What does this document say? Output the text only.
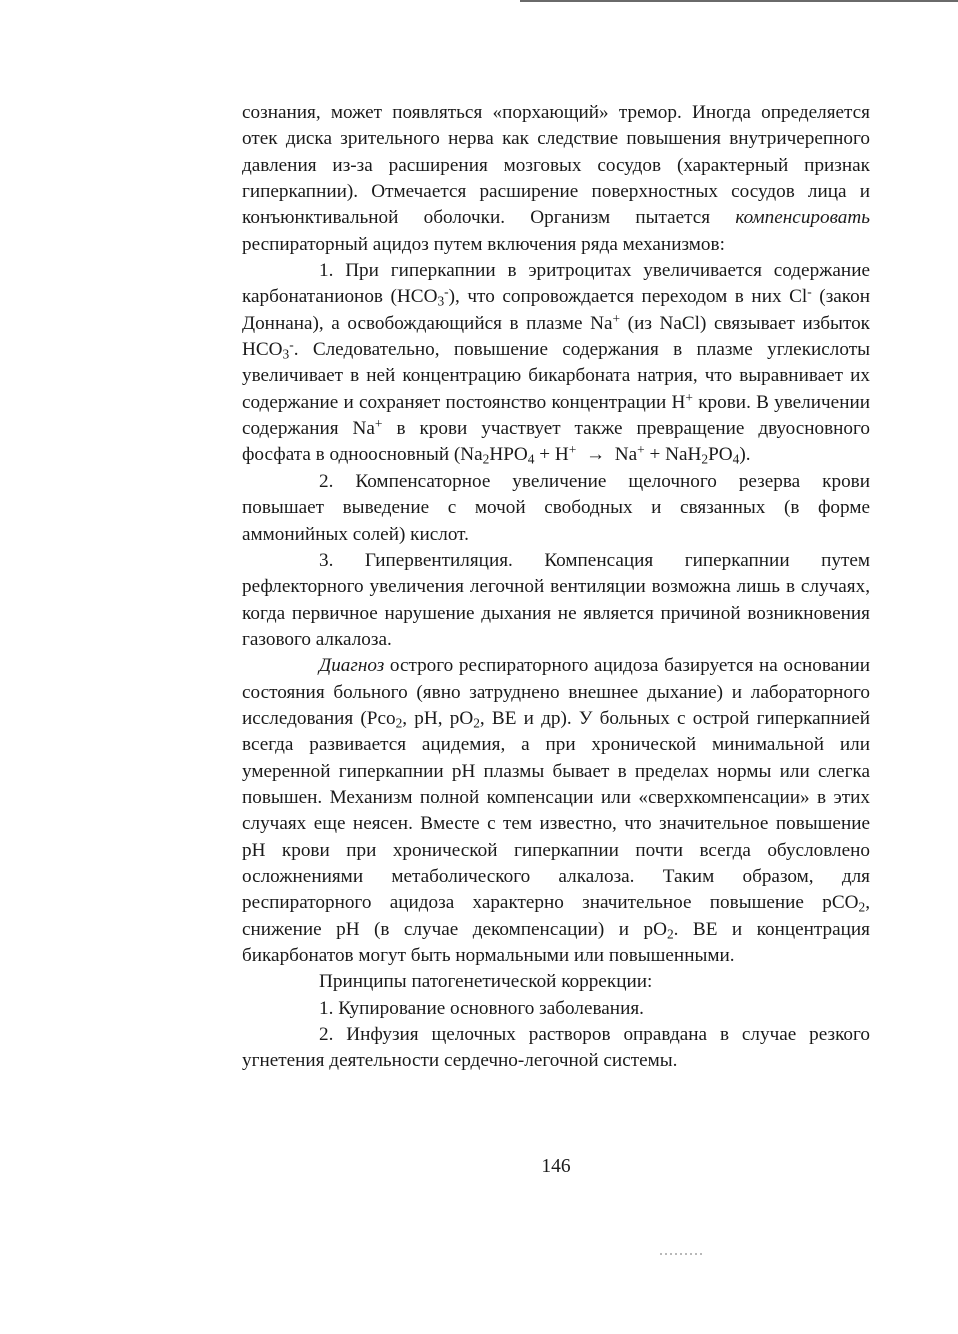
сознания, может появляться «порхающий» тремор. Иногда определяется отек диска зрительного нерва как следствие повышения внутричерепного давления из-за расширения мозговых сосудов (характерный признак гиперкапнии). Отмечается расширение поверхностных сосудов лица и конъюнктивальной оболочки. Организм пытается компенсировать респираторный ацидоз путем включения ряда механизмов:

1. При гиперкапнии в эритроцитах увеличивается содержание карбонатанионов $(HCO_3^-)$, что сопровождается переходом в них Cl- (закон Доннана), а освобождающийся в плазме Na+ (из NaCl) связывает избыток $HCO_3^-$. Следовательно, повышение содержания в плазме углекислоты увеличивает в ней концентрацию бикарбоната натрия, что выравнивает их содержание и сохраняет постоянство концентрации H+ крови. В увеличении содержания Na+ в крови участвует также превращение двуосновного фосфата в одноосновный $(Na_2HPO_4 + H^+ \to Na^+ + NaH_2PO_4)$.

2. Компенсаторное увеличение щелочного резерва крови повышает выведение с мочой свободных и связанных (в форме аммонийных солей) кислот.

3. Гипервентиляция. Компенсация гиперкапнии путем рефлекторного увеличения легочной вентиляции возможна лишь в случаях, когда первичное нарушение дыхания не является причиной возникновения газового алкалоза.

Диагноз острого респираторного ацидоза базируется на основании состояния больного (явно затруднено внешнее дыхание) и лабораторного исследования (Pco$_2$, pH, $pO_2$, BE и др). У больных с острой гиперкапнией всегда развивается ацидемия, а при хронической минимальной или умеренной гиперкапнии pH плазмы бывает в пределах нормы или слегка повышен. Механизм полной компенсации или «сверхкомпенсации» в этих случаях еще неясен. Вместе с тем известно, что значительное повышение pH крови при хронической гиперкапнии почти всегда обусловлено осложнениями метаболического алкалоза. Таким образом, для респираторного ацидоза характерно значительное повышение pCO$_2$, снижение pH (в случае декомпенсации) и $pO_2$. BE и концентрация бикарбонатов могут быть нормальными или повышенными.

Принципы патогенетической коррекции:

1. Купирование основного заболевания.

2. Инфузия щелочных растворов оправдана в случае резкого угнетения деятельности сердечно-легочной системы.

146
